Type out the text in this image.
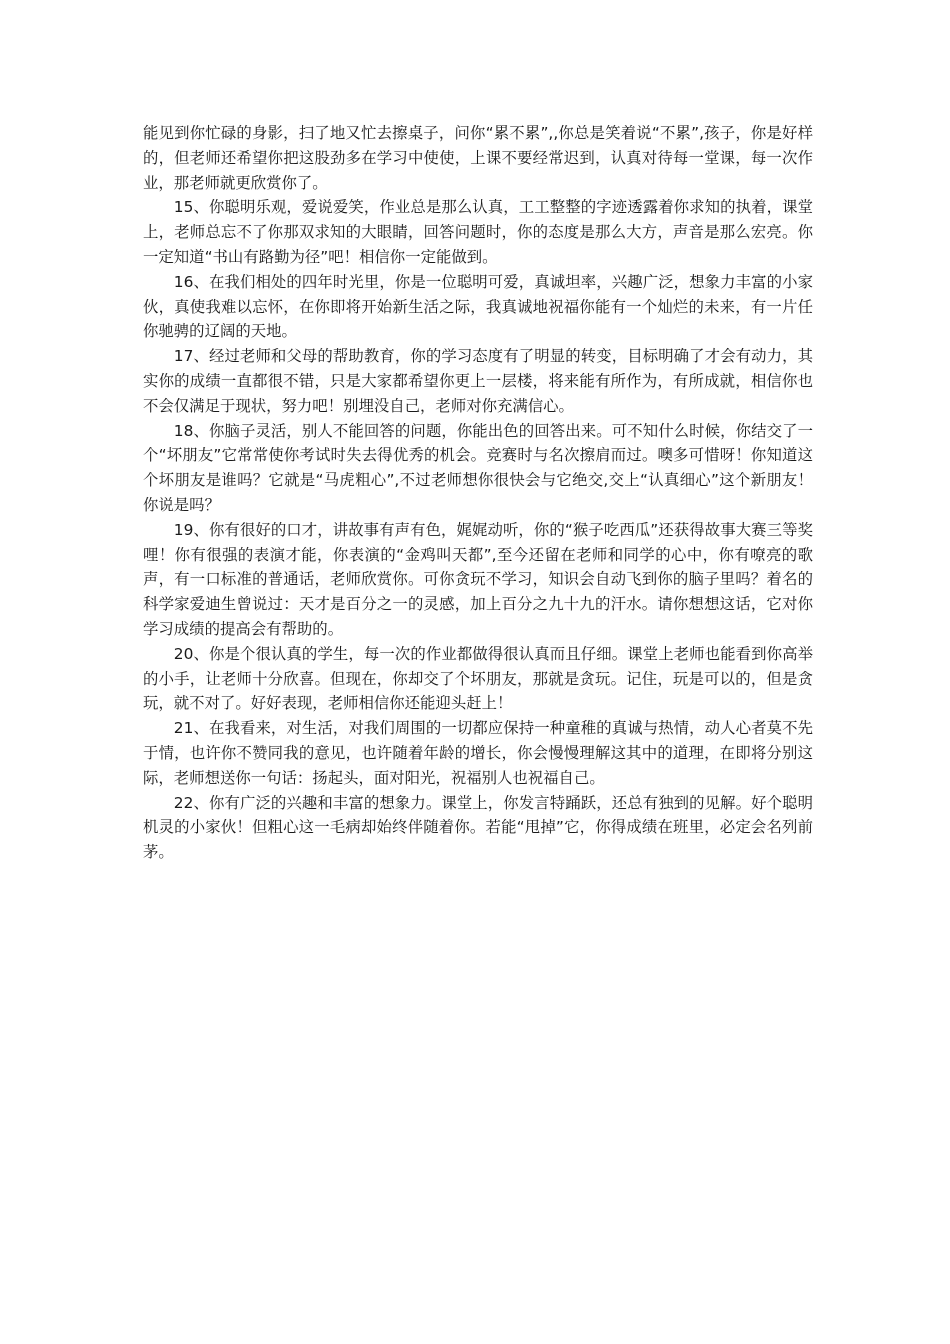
能见到你忙碌的身影，扫了地又忙去擦桌子，问你“累不累”,,你总是笑着说“不累”,孩子，你是好样的，但老师还希望你把这股劲多在学习中使使，上课不要经常迟到，认真对待每一堂课，每一次作业，那老师就更欣赏你了。

15、你聪明乐观，爱说爱笑，作业总是那么认真，工工整整的字迹透露着你求知的执着，课堂上，老师总忘不了你那双求知的大眼睛，回答问题时，你的态度是那么大方，声音是那么宏亮。你一定知道“书山有路勤为径”吧！相信你一定能做到。

16、在我们相处的四年时光里，你是一位聪明可爱，真诚坦率，兴趣广泛，想象力丰富的小家伙，真使我难以忘怀，在你即将开始新生活之际，我真诚地祝福你能有一个灿烂的未来，有一片任你驰骋的辽阔的天地。

17、经过老师和父母的帮助教育，你的学习态度有了明显的转变，目标明确了才会有动力，其实你的成绩一直都很不错，只是大家都希望你更上一层楼，将来能有所作为，有所成就，相信你也不会仅满足于现状，努力吧！别埋没自己，老师对你充满信心。

18、你脑子灵活，别人不能回答的问题，你能出色的回答出来。可不知什么时候，你结交了一个“坏朋友”它常常使你考试时失去得优秀的机会。竞赛时与名次擦肩而过。噢多可惜呀！你知道这个坏朋友是谁吗？它就是“马虎粗心”,不过老师想你很快会与它绝交,交上“认真细心”这个新朋友！你说是吗？

19、你有很好的口才，讲故事有声有色，娓娓动听，你的“猴子吃西瓜”还获得故事大赛三等奖哩！你有很强的表演才能，你表演的“金鸡叫天都”,至今还留在老师和同学的心中，你有嘹亮的歌声，有一口标准的普通话，老师欣赏你。可你贪玩不学习，知识会自动飞到你的脑子里吗？着名的科学家爱迪生曾说过：天才是百分之一的灵感，加上百分之九十九的汗水。请你想想这话，它对你学习成绩的提高会有帮助的。

20、你是个很认真的学生，每一次的作业都做得很认真而且仔细。课堂上老师也能看到你高举的小手，让老师十分欣喜。但现在，你却交了个坏朋友，那就是贪玩。记住，玩是可以的，但是贪玩，就不对了。好好表现，老师相信你还能迎头赶上！

21、在我看来，对生活，对我们周围的一切都应保持一种童稚的真诚与热情，动人心者莫不先于情，也许你不赞同我的意见，也许随着年龄的增长，你会慢慢理解这其中的道理，在即将分别这际，老师想送你一句话：扬起头，面对阳光，祝福别人也祝福自己。

22、你有广泛的兴趣和丰富的想象力。课堂上，你发言特踊跃，还总有独到的见解。好个聪明机灵的小家伙！但粗心这一毛病却始终伴随着你。若能“甩掉”它，你得成绩在班里，必定会名列前茅。
